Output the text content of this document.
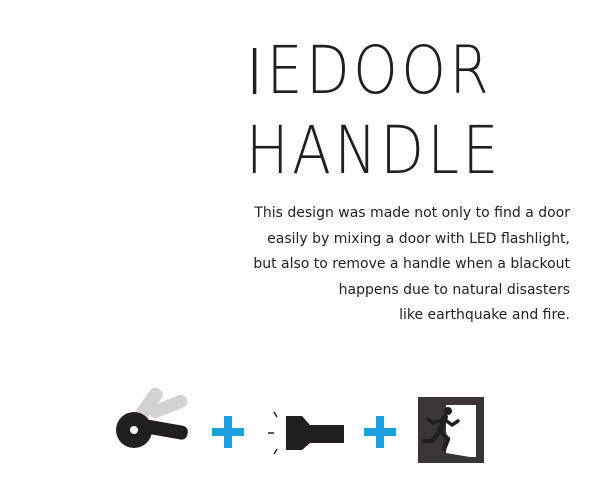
EDOOR
HANDLE
This design was made not only to find a door
easily by mixing a door with LED flashlight,
but also to remove a handle when a blackout
happens due to natural disasters
like earthquake and fire.
